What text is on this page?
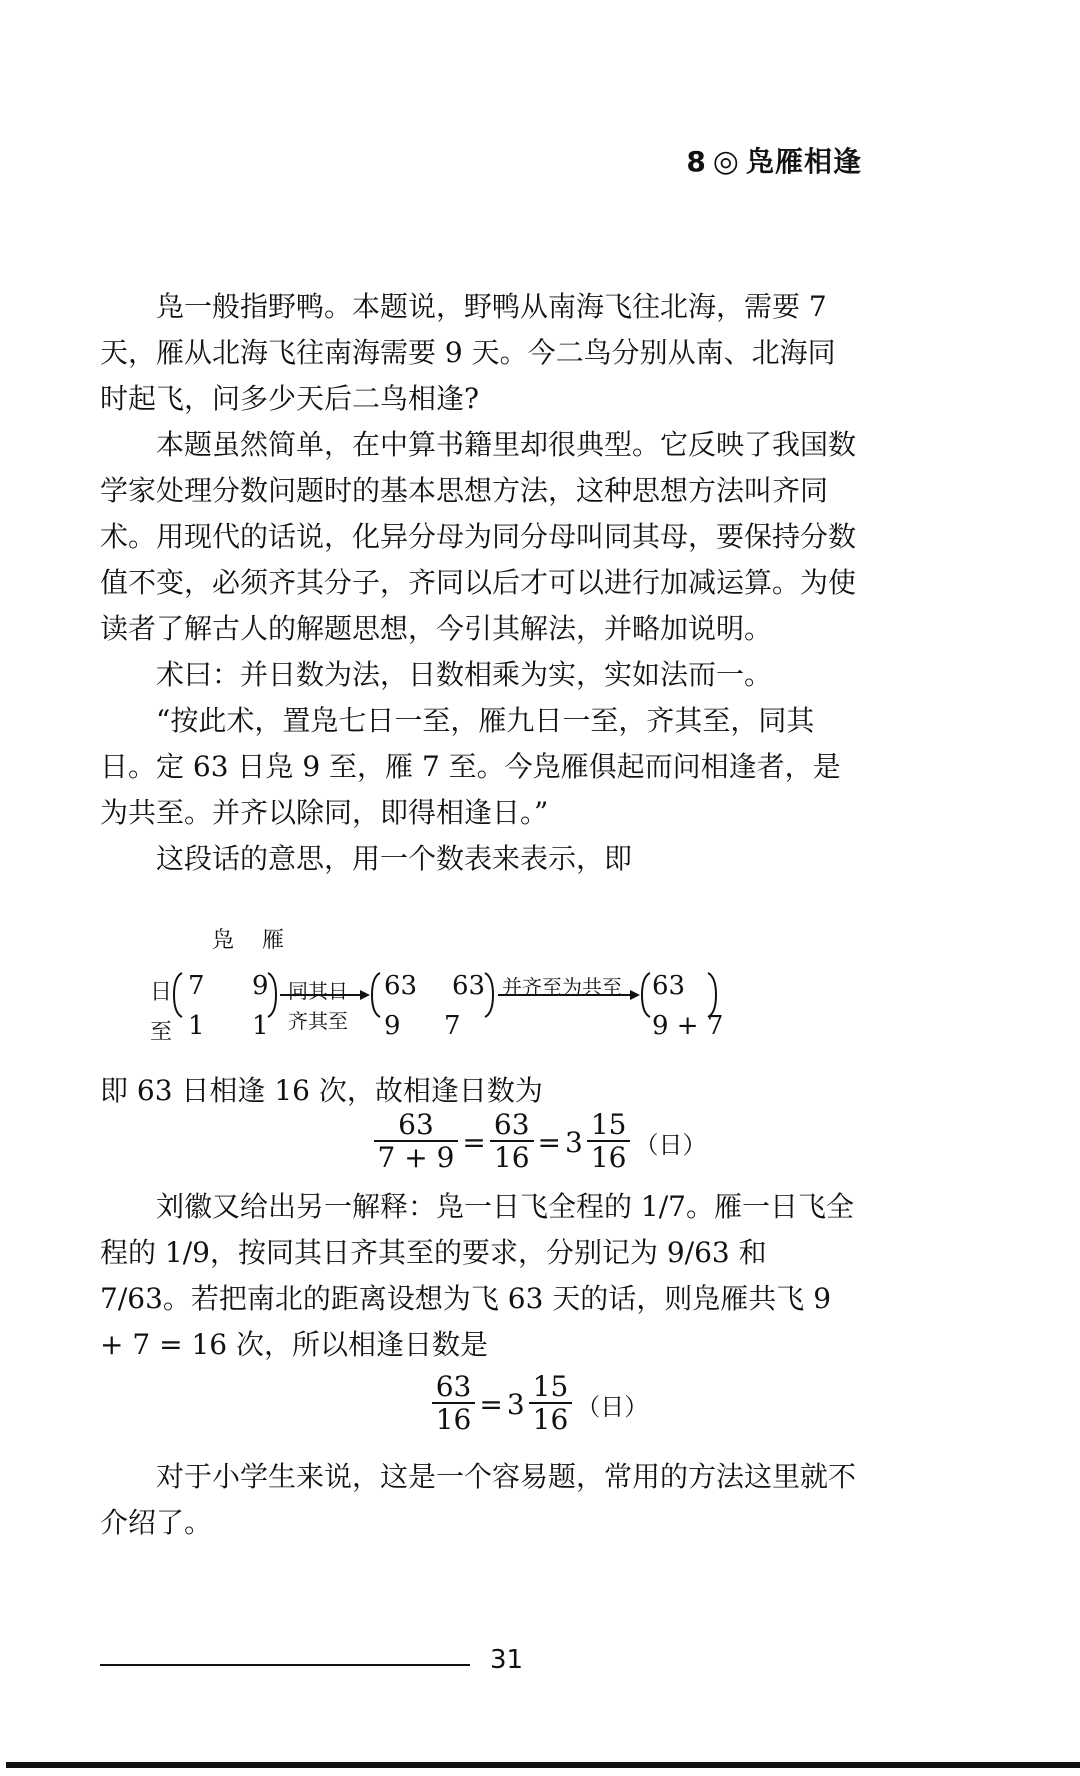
8 ◎ 凫雁相逢

凫一般指野鸭。本题说，野鸭从南海飞往北海，需要 7 天，雁从北海飞往南海需要 9 天。今二鸟分别从南、北海同时起飞，问多少天后二鸟相逢?

本题虽然简单，在中算书籍里却很典型。它反映了我国数学家处理分数问题时的基本思想方法，这种思想方法叫齐同术。用现代的话说，化异分母为同分母叫同其母，要保持分数值不变，必须齐其分子，齐同以后才可以进行加减运算。为使读者了解古人的解题思想，今引其解法，并略加说明。

术曰：并日数为法，日数相乘为实，实如法而一。

“按此术，置凫七日一至，雁九日一至，齐其至，同其日。定 63 日凫 9 至，雁 7 至。今凫雁俱起而问相逢者，是为共至。并齐以除同，即得相逢日。”

这段话的意思，用一个数表来表示，即

凫 雁
日
至
7 9
1 1
同其日
齐其至
63 63
9 7
并齐至为共至 63
9 + 7

即 63 日相逢 16 次，故相逢日数为

$\frac{63}{7 + 9} = \frac{63}{16} = 3 \frac{15}{16}$ （日）

刘徽又给出另一解释：凫一日飞全程的 1/7。雁一日飞全程的 1/9，按同其日齐其至的要求，分别记为 9/63 和 7/63。若把南北的距离设想为飞 63 天的话，则凫雁共飞 9 + 7 = 16 次，所以相逢日数是

$\frac{63}{16} = 3 \frac{15}{16}$ （日）

对于小学生来说，这是一个容易题，常用的方法这里就不介绍了。

31
